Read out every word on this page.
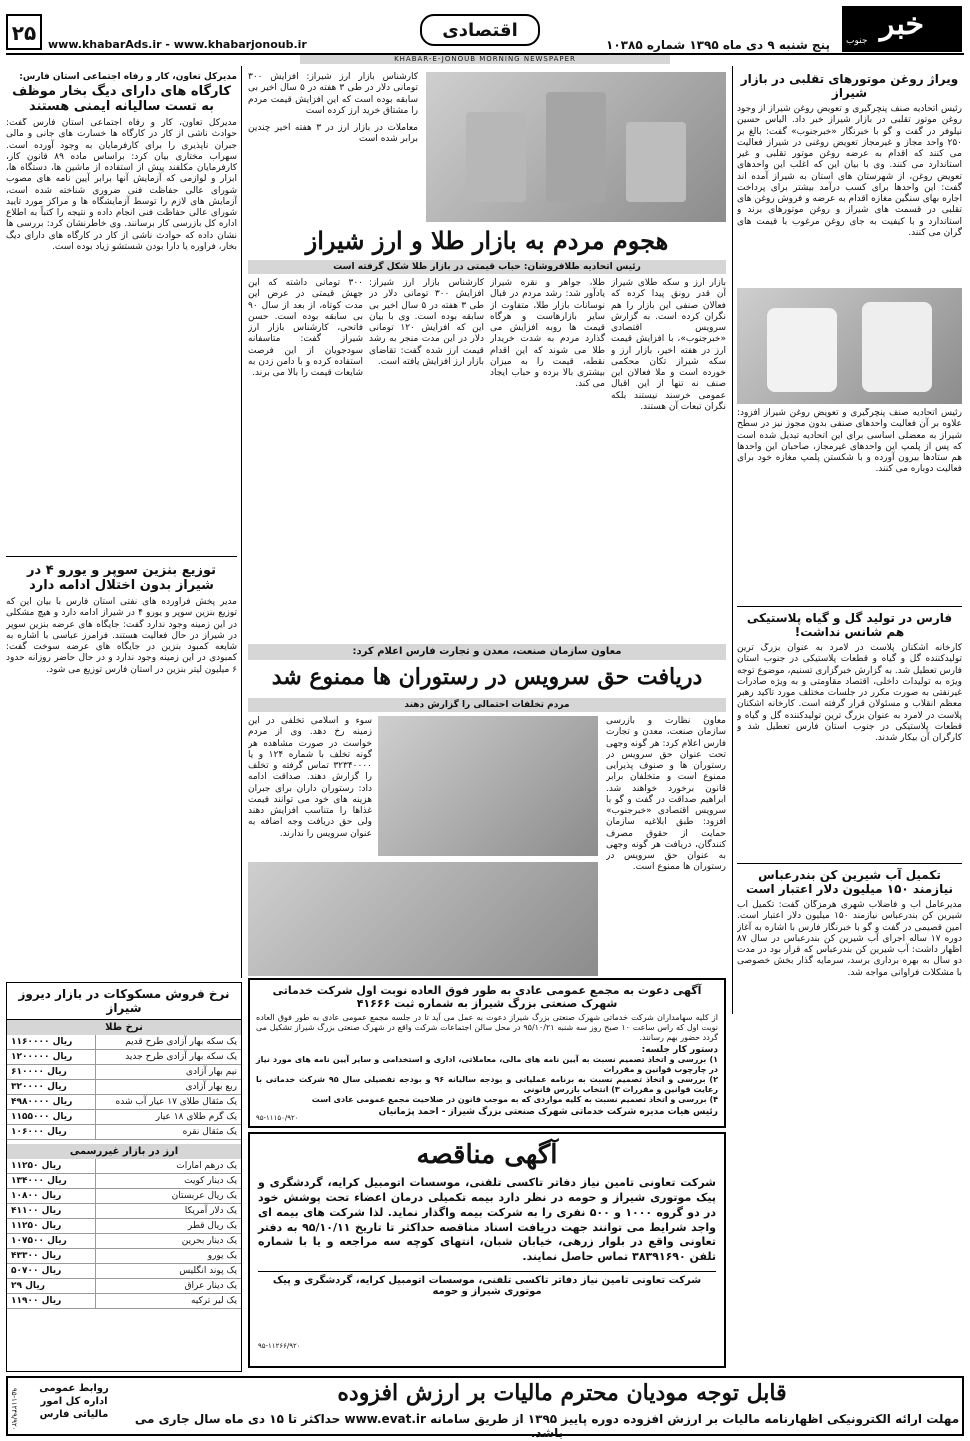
خبر
جنوب
پنج شنبه ۹ دی ماه ۱۳۹۵ شماره ۱۰۳۸۵
اقتصادی
www.khabarAds.ir - www.khabarjonoub.ir
۲۵
KHABAR-E-JONOUB MORNING NEWSPAPER
ویراژ روغن موتورهای تقلبی در بازار شیراز
رئیس اتحادیه صنف پنچرگیری و تعویض روغن شیراز از وجود روغن موتور تقلبی در بازار شیراز خبر داد. الیاس حسین نیلوفر در گفت و گو با خبرنگار «خبرجنوب» گفت: بالغ بر ۲۵۰ واحد مجاز و غیرمجاز تعویض روغنی در شیراز فعالیت می کنند که اقدام به عرضه روغن موتور تقلبی و غیر استاندارد می کنند. وی با بیان این که اغلب این واحدهای تعویض روغن، از شهرستان های استان به شیراز آمده اند گفت: این واحدها برای کسب درآمد بیشتر برای پرداخت اجاره بهای سنگین مغازه اقدام به عرضه و فروش روغن های تقلبی در قسمت های شیراز و روغن موتورهای برند و استاندارد و با کیفیت به جای روغن مرغوب با قیمت های گران می کنند.
رئیس اتحادیه صنف پنچرگیری و تعویض روغن شیراز افزود: علاوه بر آن فعالیت واحدهای صنفی بدون مجوز نیز در سطح شیراز به معضلی اساسی برای این اتحادیه تبدیل شده است که پس از پلمپ این واحدهای غیرمجاز، صاحبان این واحدها هم ستادها بیرون آورده و با شکستن پلمپ مغازه خود برای فعالیت دوباره می کنند.
فارس در تولید گل و گیاه پلاستیکی هم شانس نداشت!
کارخانه اشکنان پلاست در لامرد به عنوان بزرگ ترین تولیدکننده گل و گیاه و قطعات پلاستیکی در جنوب استان فارس تعطیل شد. به گزارش خبرگزاری تسنیم، موضوع توجه ویژه به تولیدات داخلی، اقتصاد مقاومتی و به ویژه صادرات غیرنفتی به صورت مکرر در جلسات مختلف مورد تاکید رهبر معظم انقلاب و مسئولان قرار گرفته است. کارخانه اشکنان پلاست در لامرد به عنوان بزرگ ترین تولیدکننده گل و گیاه و قطعات پلاستیکی در جنوب استان فارس تعطیل شد و کارگران آن بیکار شدند.
تکمیل آب شیرین کن بندرعباس نیازمند ۱۵۰ میلیون دلار اعتبار است
مدیرعامل آب و فاضلاب شهری هرمزگان گفت: تکمیل آب شیرین کن بندرعباس نیازمند ۱۵۰ میلیون دلار اعتبار است. امین قصیمی در گفت و گو با خبرنگار فارس با اشاره به آغاز دوره ۱۷ ساله اجرای آب شیرین کن بندرعباس در سال ۸۷ اظهار داشت: آب شیرین کن بندرعباس که قرار بود در مدت دو سال به بهره برداری برسد، سرمایه گذار بخش خصوصی با مشکلات فراوانی مواجه شد.
کارشناس بازار ارز شیراز: افزایش ۳۰۰ تومانی دلار در طی ۳ هفته در ۵ سال اخیر بی سابقه بوده است که این افزایش قیمت مردم را مشتاق خرید ارز کرده است
معاملات در بازار ارز در ۳ هفته اخیر چندین برابر شده است
هجوم مردم به بازار طلا و ارز شیراز
رئیس اتحادیه طلافروشان: حباب قیمتی در بازار طلا شکل گرفته است
بازار ارز و سکه طلای شیراز آن قدر رونق پیدا کرده که فعالان صنفی این بازار را هم نگران کرده است. به گزارش سرویس اقتصادی «خبرجنوب»، با افزایش قیمت ارز در هفته اخیر، بازار ارز و سکه شیراز تکان محکمی خورده است و ملا فعالان این صنف نه تنها از این اقبال عمومی خرسند نیستند بلکه نگران تبعات آن هستند.
طلا، جواهر و نقره شیراز یادآور شد: رشد مردم در قبال نوسانات بازار طلا، متفاوت از سایر بازارهاست و هرگاه قیمت ها روبه افزایش می گذارد مردم به شدت خریدار طلا می شوند که این اقدام نقطه، قیمت را به میزان بیشتری بالا برده و حباب ایجاد می کند.
کارشناس بازار ارز شیراز: افزایش ۳۰۰ تومانی دلار در طی ۳ هفته در ۵ سال اخیر بی سابقه بوده است. وی با بیان این که افزایش ۱۲۰ تومانی دلار در این مدت منجر به رشد قیمت ارز شده گفت: تقاضای بازار ارز افزایش یافته است.
۳۰۰ تومانی داشته که این جهش قیمتی در عرض این مدت کوتاه، از بعد از سال ۹۰ بی سابقه بوده است. حسن فاتحی، کارشناس بازار ارز شیراز گفت: متاسفانه سودجویان از این فرصت استفاده کرده و با دامن زدن به شایعات قیمت را بالا می برند.
معاون سازمان صنعت، معدن و تجارت فارس اعلام کرد:
دریافت حق سرویس در رستوران ها ممنوع شد
مردم تخلفات احتمالی را گزارش دهند
معاون نظارت و بازرسی سازمان صنعت، معدن و تجارت فارس اعلام کرد: هر گونه وجهی تحت عنوان حق سرویس در رستوران ها و صنوف پذیرایی ممنوع است و متخلفان برابر قانون برخورد خواهند شد. ابراهیم صداقت در گفت و گو با سرویس اقتصادی «خبرجنوب» افزود: طبق ابلاغیه سازمان حمایت از حقوق مصرف کنندگان، دریافت هر گونه وجهی به عنوان حق سرویس در رستوران ها ممنوع است.
سوء و اسلامی تخلفی در این زمینه رخ دهد. وی از مردم خواست در صورت مشاهده هر گونه تخلف با شماره ۱۲۴ و یا ۳۲۳۴۰۰۰۰ تماس گرفته و تخلف را گزارش دهند. صداقت ادامه داد: رستوران داران برای جبران هزینه های خود می توانند قیمت غذاها را متناسب افزایش دهند ولی حق دریافت وجه اضافه به عنوان سرویس را ندارند.
مدیرکل تعاون، کار و رفاه اجتماعی استان فارس:
کارگاه های دارای دیگ بخار موظف به تست سالیانه ایمنی هستند
مدیرکل تعاون، کار و رفاه اجتماعی استان فارس گفت: حوادث ناشی از کار در کارگاه ها خسارت های جانی و مالی جبران ناپذیری را برای کارفرمایان به وجود آورده است. سهراب مختاری بیان کرد: براساس ماده ۸۹ قانون کار، کارفرمایان مکلفند پیش از استفاده از ماشین ها، دستگاه ها، ابزار و لوازمی که آزمایش آنها برابر آیین نامه های مصوب شورای عالی حفاظت فنی ضروری شناخته شده است، آزمایش های لازم را توسط آزمایشگاه ها و مراکز مورد تایید شورای عالی حفاظت فنی انجام داده و نتیجه را کتباً به اطلاع اداره کل بازرسی کار برسانند. وی خاطرنشان کرد: بررسی ها نشان داده که حوادث ناشی از کار در کارگاه های دارای دیگ بخار، فراوره یا دارا بودن شستشو زیاد بوده است.
توزیع بنزین سوپر و یورو ۴ در شیراز بدون اختلال ادامه دارد
مدیر پخش فرآورده های نفتی استان فارس با بیان این که توزیع بنزین سوپر و یورو ۴ در شیراز ادامه دارد و هیچ مشکلی در این زمینه وجود ندارد گفت: جایگاه های عرضه بنزین سوپر در شیراز در حال فعالیت هستند. فرامرز عباسی با اشاره به شایعه کمبود بنزین در جایگاه های عرضه سوخت گفت: کمبودی در این زمینه وجود ندارد و در حال حاضر روزانه حدود ۶ میلیون لیتر بنزین در استان فارس توزیع می شود.
نرخ فروش مسکوکات در بازار دیروز شیراز
نرخ طلا
یک سکه بهار آزادی طرح قدیم	۱۱۶۰۰۰۰ ریال
یک سکه بهار آزادی طرح جدید	۱۲۰۰۰۰۰ ریال
نیم بهار آزادی	۶۱۰۰۰۰ ریال
ربع بهار آزادی	۳۲۰۰۰۰ ریال
یک مثقال طلای ۱۷ عیار آب شده	۴۹۸۰۰۰۰ ریال
یک گرم طلای ۱۸ عیار	۱۱۵۵۰۰۰ ریال
یک مثقال نقره	۱۰۶۰۰۰ ریال
ارز در بازار غیررسمی
یک درهم امارات	۱۱۲۵۰ ریال
یک دینار کویت	۱۳۴۰۰۰ ریال
یک ریال عربستان	۱۰۸۰۰ ریال
یک دلار آمریکا	۴۱۱۰۰ ریال
یک ریال قطر	۱۱۲۵۰ ریال
یک دینار بحرین	۱۰۷۵۰۰ ریال
یک یورو	۴۳۳۰۰ ریال
یک پوند انگلیس	۵۰۷۰۰ ریال
یک دینار عراق	۲۹ ریال
یک لیر ترکیه	۱۱۹۰۰ ریال
آگهی دعوت به مجمع عمومی عادی به طور فوق العاده نوبت اول شرکت خدماتی شهرک صنعتی بزرگ شیراز به شماره ثبت ۴۱۶۶۶
از کلیه سهامداران شرکت خدماتی شهرک صنعتی بزرگ شیراز دعوت به عمل می آید تا در جلسه مجمع عمومی عادی به طور فوق العاده نوبت اول که راس ساعت ۱۰ صبح روز سه شنبه ۹۵/۱۰/۲۱ در محل سالن اجتماعات شرکت واقع در شهرک صنعتی بزرگ شیراز تشکیل می گردد حضور بهم رسانند.
دستور کار جلسه:
۱) بررسی و اتخاذ تصمیم نسبت به آیین نامه های مالی، معاملاتی، اداری و استخدامی و سایر آیین نامه های مورد نیاز در چارچوب قوانین و مقررات
۲) بررسی و اتخاذ تصمیم نسبت به برنامه عملیاتی و بودجه سالیانه ۹۶ و بودجه تفصیلی سال ۹۵ شرکت خدماتی با رعایت قوانین و مقررات ۳) انتخاب بازرس قانونی
۴) بررسی و اتخاذ تصمیم نسبت به کلیه مواردی که به موجب قانون در صلاحیت مجمع عمومی عادی است
رئیس هیات مدیره شرکت خدماتی شهرک صنعتی بزرگ شیراز - احمد پژمانیان
۹۵-۱۱۱۵۰/۹۲۰
آگهی مناقصه
شرکت تعاونی تامین نیاز دفاتر تاکسی تلفنی، موسسات اتومبیل کرایه، گردشگری و پیک موتوری شیراز و حومه در نظر دارد بیمه تکمیلی درمان اعضاء تحت پوشش خود در دو گروه ۱۰۰۰ و ۵۰۰ نفری را به شرکت بیمه واگذار نماید. لذا شرکت های بیمه ای واجد شرایط می توانند جهت دریافت اسناد مناقصه حداکثر تا تاریخ ۹۵/۱۰/۱۱ به دفتر تعاونی واقع در بلوار زرهی، خیابان شبان، انتهای کوچه سه مراجعه و یا با شماره تلفن ۳۸۳۹۱۶۹۰ تماس حاصل نمایند.
شرکت تعاونی تامین نیاز دفاتر تاکسی تلفنی، موسسات اتومبیل کرایه، گردشگری و پیک موتوری شیراز و حومه
۹۵-۱۱۲۶۶/۹۲۰
قابل توجه مودیان محترم مالیات بر ارزش افزوده
مهلت ارائه الکترونیکی اظهارنامه مالیات بر ارزش افزوده دوره پاییز ۱۳۹۵ از طریق سامانه www.evat.ir حداکثر تا ۱۵ دی ماه سال جاری می باشد.
روابط عمومی اداره کل امور مالیاتی فارس
۹۵-۱۱۲۴۹/۹۲۰
